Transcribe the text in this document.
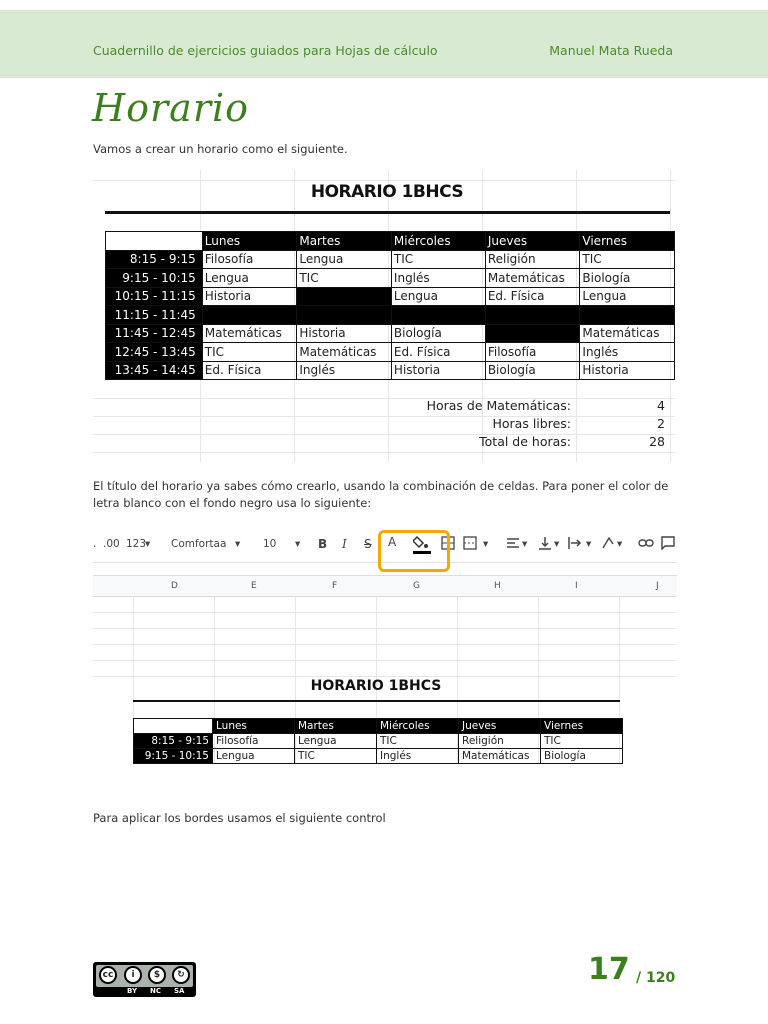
Cuadernillo de ejercicios guiados para Hojas de cálculo	Manuel Mata Rueda
Horario
Vamos a crear un horario como el siguiente.
HORARIO 1BHCS
	Lunes	Martes	Miércoles	Jueves	Viernes
8:15 - 9:15	Filosofía	Lengua	TIC	Religión	TIC
9:15 - 10:15	Lengua	TIC	Inglés	Matemáticas	Biología
10:15 - 11:15	Historia		Lengua	Ed. Física	Lengua
11:15 - 11:45					
11:45 - 12:45	Matemáticas	Historia	Biología		Matemáticas
12:45 - 13:45	TIC	Matemáticas	Ed. Física	Filosofía	Inglés
13:45 - 14:45	Ed. Física	Inglés	Historia	Biología	Historia
Horas de Matemáticas:	4
Horas libres:	2
Total de horas:	28
El título del horario ya sabes cómo crearlo, usando la combinación de celdas. Para poner el color de letra blanco con el fondo negro usa lo siguiente:
. .00 123
▾ Comfortaa ▾ 10 ▾ B I S A	▾	▾	▾	▾ ▾
D	E	F	G	H	I	J
HORARIO 1BHCS
	Lunes	Martes	Miércoles	Jueves	Viernes
8:15 - 9:15	Filosofía	Lengua	TIC	Religión	TIC
9:15 - 10:15	Lengua	TIC	Inglés	Matemáticas	Biología
Para aplicar los bordes usamos el siguiente control
cc	i	$	↻
BY NC SA
17 / 120
